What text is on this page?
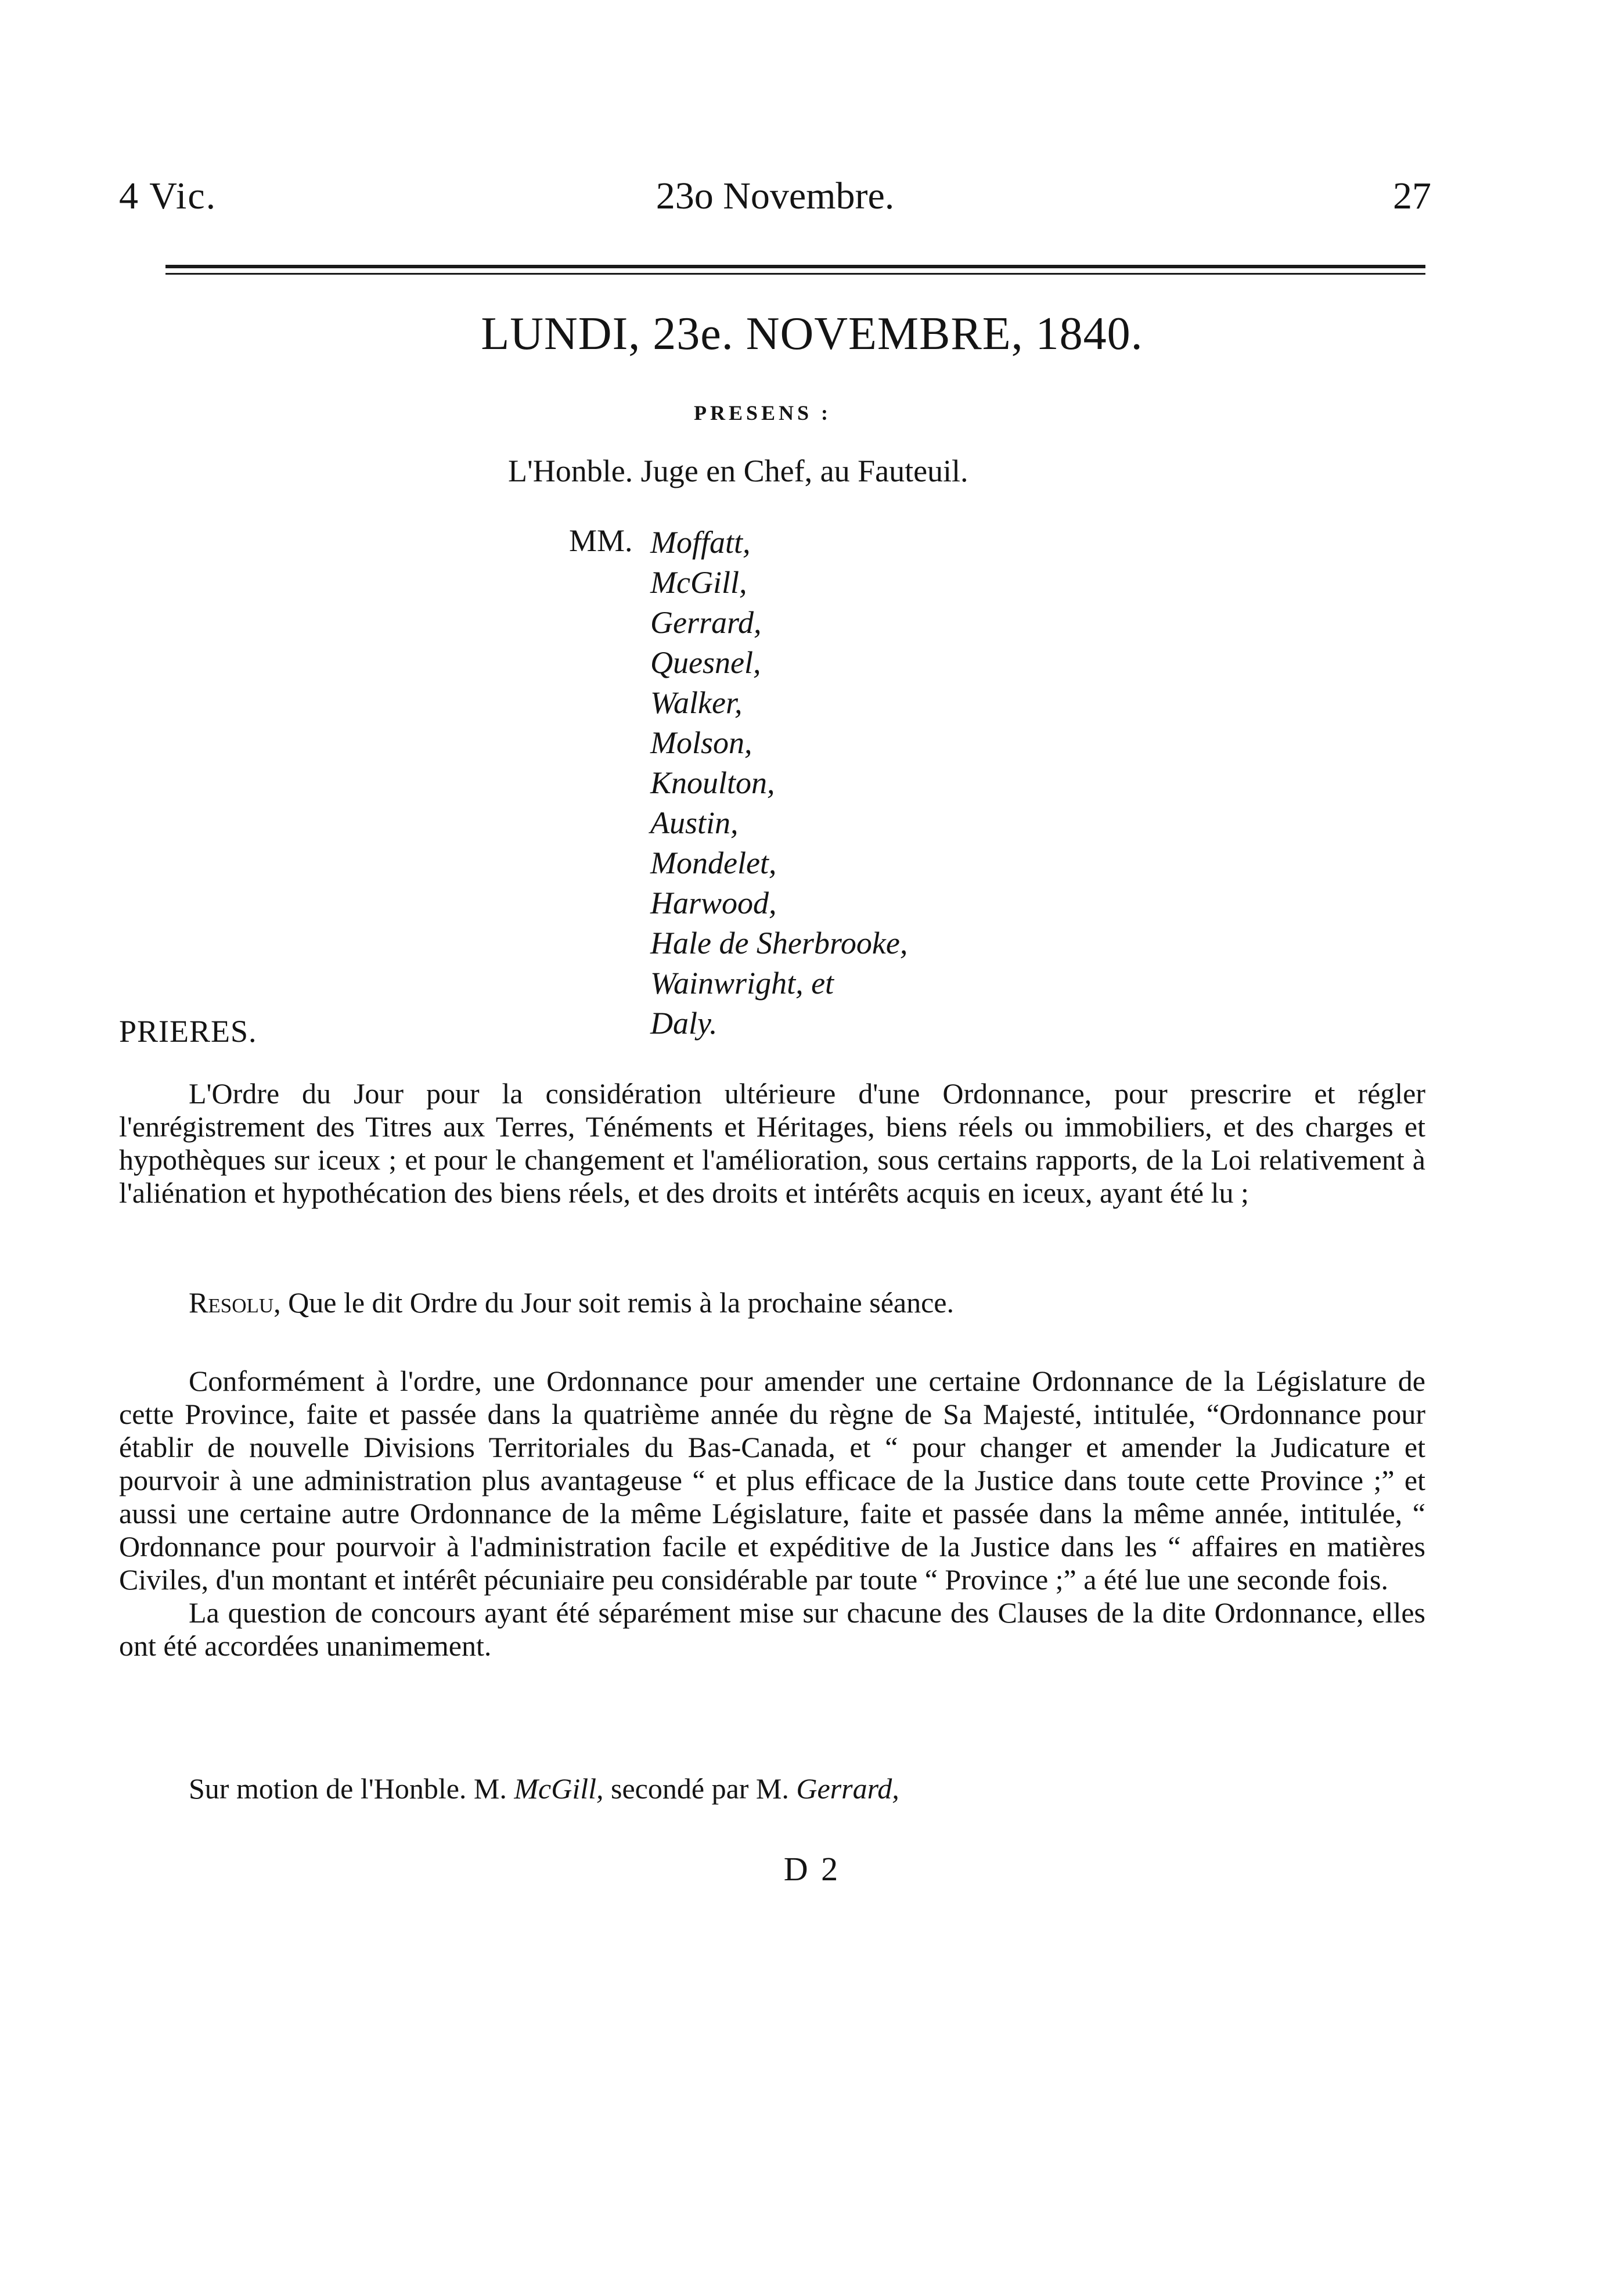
4 Vic.	23o Novembre.	27
LUNDI, 23e. NOVEMBRE, 1840.
PRESENS :
L'Honble. Juge en Chef, au Fauteuil.
MM. Moffatt,
McGill,
Gerrard,
Quesnel,
Walker,
Molson,
Knoulton,
Austin,
Mondelet,
Harwood,
Hale de Sherbrooke,
Wainwright, et
Daly.
PRIERES.

L'Ordre du Jour pour la considération ultérieure d'une Ordonnance, pour prescrire et régler l'enrégistrement des Titres aux Terres, Ténéments et Héritages, biens réels ou immobiliers, et des charges et hypothèques sur iceux ; et pour le changement et l'amélioration, sous certains rapports, de la Loi relativement à l'aliénation et hypothécation des biens réels, et des droits et intérêts acquis en iceux, ayant été lu ;

Resolu, Que le dit Ordre du Jour soit remis à la prochaine séance.

Conformément à l'ordre, une Ordonnance pour amender une certaine Ordonnance de la Législature de cette Province, faite et passée dans la quatrième année du règne de Sa Majesté, intitulée, “Ordonnance pour établir de nouvelle Divisions Territoriales du Bas-Canada, et “ pour changer et amender la Judicature et pourvoir à une administration plus avantageuse “ et plus efficace de la Justice dans toute cette Province ;” et aussi une certaine autre Ordonnance de la même Législature, faite et passée dans la même année, intitulée, “ Ordonnance pour pourvoir à l'administration facile et expéditive de la Justice dans les “ affaires en matières Civiles, d'un montant et intérêt pécuniaire peu considérable par toute “ Province ;” a été lue une seconde fois.

La question de concours ayant été séparément mise sur chacune des Clauses de la dite Ordonnance, elles ont été accordées unanimement.

Sur motion de l'Honble. M. McGill, secondé par M. Gerrard,

D 2
